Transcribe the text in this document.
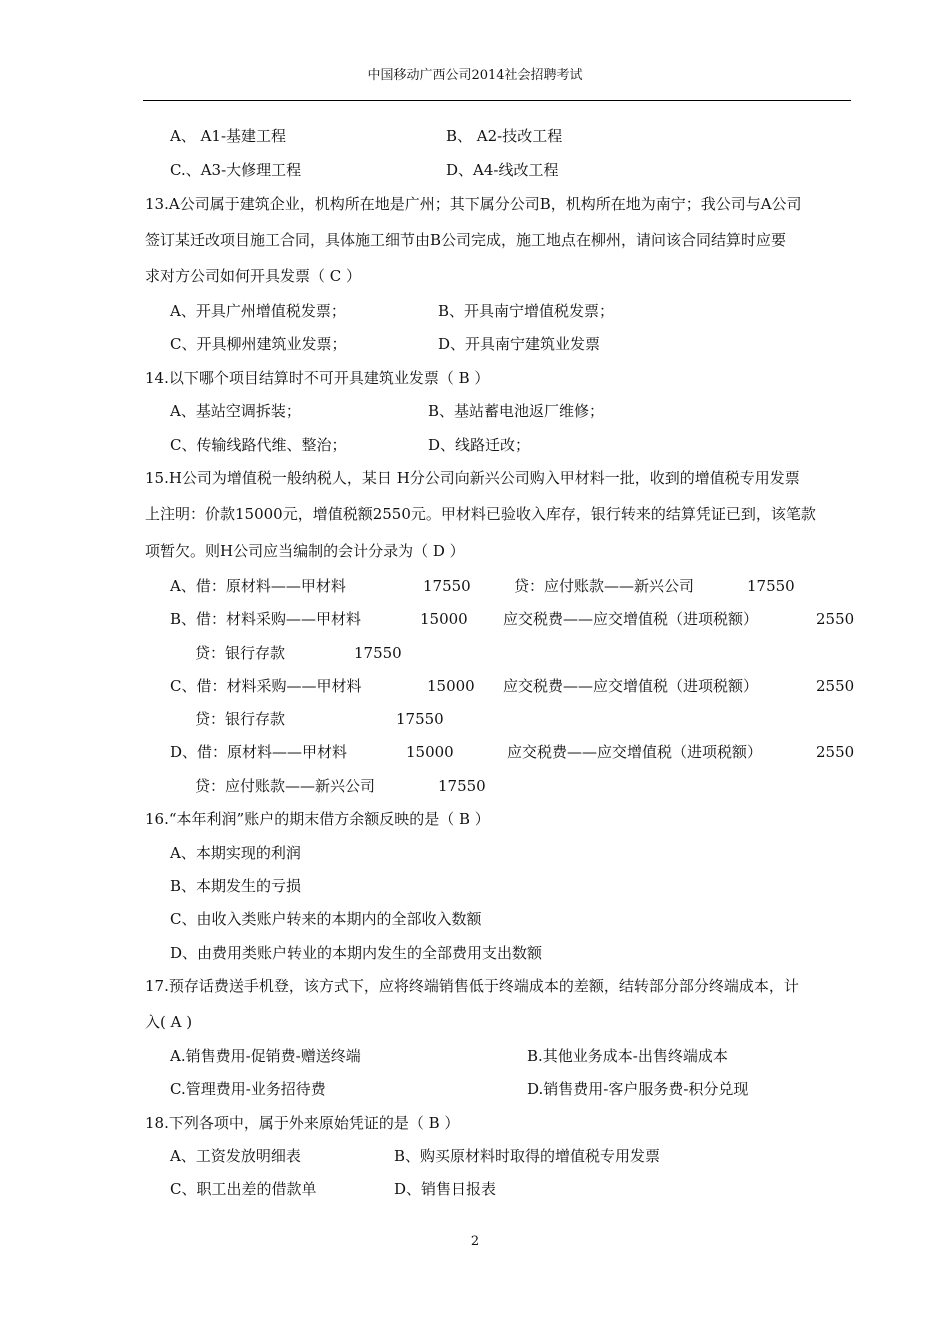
中国移动广西公司2014社会招聘考试
A、 A1-基建工程	B、 A2-技改工程
C.、A3-大修理工程	D、A4-线改工程
13.A公司属于建筑企业，机构所在地是广州；其下属分公司B，机构所在地为南宁；我公司与A公司
签订某迁改项目施工合同，具体施工细节由B公司完成，施工地点在柳州，请问该合同结算时应要
求对方公司如何开具发票（ C ）
A、开具广州增值税发票；	B、开具南宁增值税发票；
C、开具柳州建筑业发票；	D、开具南宁建筑业发票
14.以下哪个项目结算时不可开具建筑业发票（ B ）
A、基站空调拆装；	B、基站蓄电池返厂维修；
C、传输线路代维、整治；	D、线路迁改；
15.H公司为增值税一般纳税人，某日 H分公司向新兴公司购入甲材料一批，收到的增值税专用发票
上注明：价款15000元，增值税额2550元。甲材料已验收入库存，银行转来的结算凭证已到，该笔款
项暂欠。则H公司应当编制的会计分录为（ D ）
A、借：原材料——甲材料	17550	贷：应付账款——新兴公司	17550
B、借：材料采购——甲材料	15000 应交税费——应交增值税（进项税额）	2550
贷：银行存款	17550
C、借：材料采购——甲材料	15000 应交税费——应交增值税（进项税额）	2550
贷：银行存款	17550
D、借：原材料——甲材料	15000	应交税费——应交增值税（进项税额）	2550
贷：应付账款——新兴公司	17550
16.“本年利润”账户的期末借方余额反映的是（ B ）
A、本期实现的利润
B、本期发生的亏损
C、由收入类账户转来的本期内的全部收入数额
D、由费用类账户转业的本期内发生的全部费用支出数额
17.预存话费送手机登，该方式下，应将终端销售低于终端成本的差额，结转部分部分终端成本，计
入( A )
A.销售费用-促销费-赠送终端	B.其他业务成本-出售终端成本
C.管理费用-业务招待费	D.销售费用-客户服务费-积分兑现
18.下列各项中，属于外来原始凭证的是（ B ）
A、工资发放明细表	B、购买原材料时取得的增值税专用发票
C、职工出差的借款单	D、销售日报表
2
